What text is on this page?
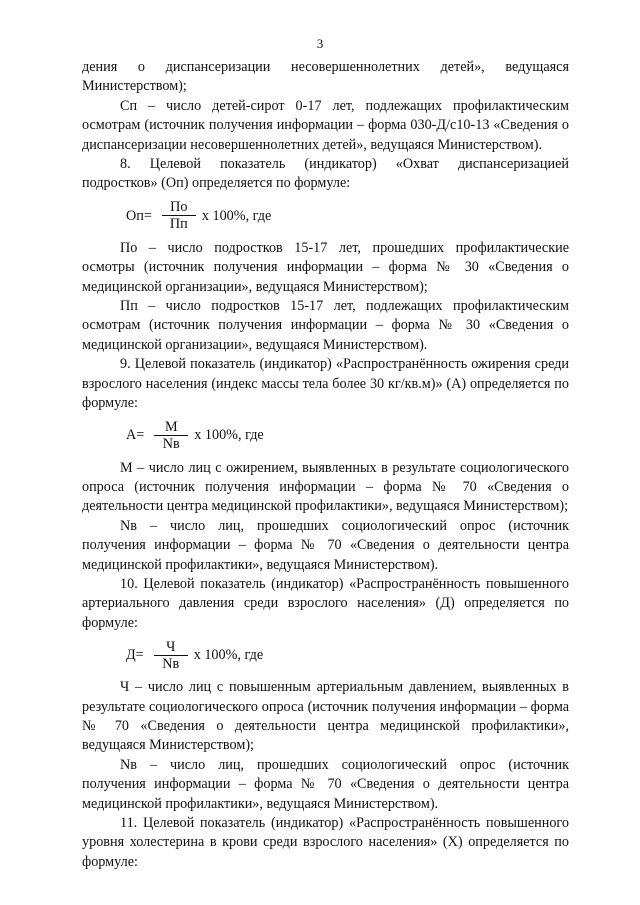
3

дения о диспансеризации несовершеннолетних детей», ведущаяся Министерством);

Сп – число детей-сирот 0-17 лет, подлежащих профилактическим осмотрам (источник получения информации – форма 030-Д/с10-13 «Сведения о диспансеризации несовершеннолетних детей», ведущаяся Министерством).

8. Целевой показатель (индикатор) «Охват диспансеризацией подростков» (Оп) определяется по формуле:

$Оп= \frac{По}{Пп}$ х 100%, где

По – число подростков 15-17 лет, прошедших профилактические осмотры (источник получения информации – форма № 30 «Сведения о медицинской организации», ведущаяся Министерством);

Пп – число подростков 15-17 лет, подлежащих профилактическим осмотрам (источник получения информации – форма № 30 «Сведения о медицинской организации», ведущаяся Министерством).

9. Целевой показатель (индикатор) «Распространённость ожирения среди взрослого населения (индекс массы тела более 30 кг/кв.м)» (А) определяется по формуле:

$А= \frac{М}{Nв}$ х 100%, где

М – число лиц с ожирением, выявленных в результате социологического опроса (источник получения информации – форма № 70 «Сведения о деятельности центра медицинской профилактики», ведущаяся Министерством);

Nв – число лиц, прошедших социологический опрос (источник получения информации – форма № 70 «Сведения о деятельности центра медицинской профилактики», ведущаяся Министерством).

10. Целевой показатель (индикатор) «Распространённость повышенного артериального давления среди взрослого населения» (Д) определяется по формуле:

$Д= \frac{Ч}{Nв}$ х 100%, где

Ч – число лиц с повышенным артериальным давлением, выявленных в результате социологического опроса (источник получения информации – форма № 70 «Сведения о деятельности центра медицинской профилактики», ведущаяся Министерством);

Nв – число лиц, прошедших социологический опрос (источник получения информации – форма № 70 «Сведения о деятельности центра медицинской профилактики», ведущаяся Министерством).

11. Целевой показатель (индикатор) «Распространённость повышенного уровня холестерина в крови среди взрослого населения» (Х) определяется по формуле:
